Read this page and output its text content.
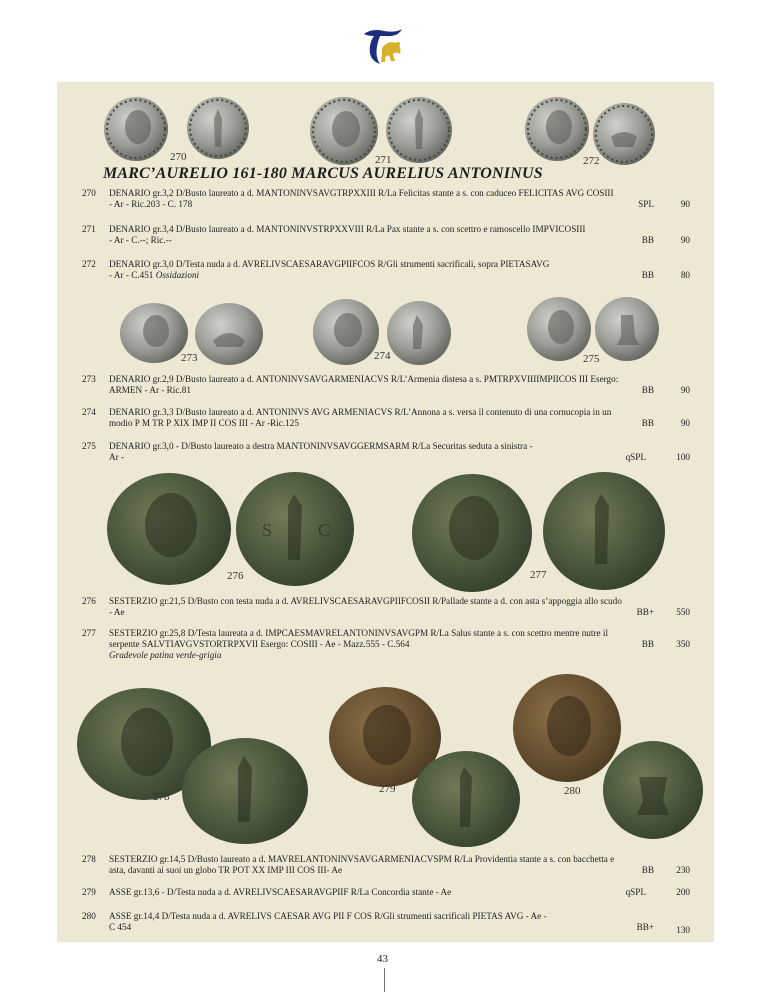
270	271	272
MARC’AURELIO 161-180 MARCUS AURELIUS ANTONINUS
270 DENARIO gr.3,2 D/Busto laureato a d. MANTONINVSAVGTRPXXIII R/La Felicitas stante a s. con caduceo FELICITAS AVG COSIII
- Ar - Ric.203 - C. 178	SPL	90
271 DENARIO gr.3,4 D/Busto laureato a d. MANTONINVSTRPXXVIII R/La Pax stante a s. con scettro e ramoscello IMPVICOSIII
- Ar - C.--; Ric.--	BB	90
272 DENARIO gr.3,0 D/Testa nuda a d. AVRELIVSCAESARAVGPIIFCOS R/Gli strumenti sacrificali, sopra PIETASAVG
- Ar - C.451 Ossidazioni	BB	80
273	274	275
273 DENARIO gr.2,9 D/Busto laureato a d. ANTONINVSAVGARMENIACVS R/L’Armenia distesa a s. PMTRPXVIIIIMPIICOS III Esergo:
ARMEN - Ar - Ric.81	BB	90
274 DENARIO gr.3,3 D/Busto laureato a d. ANTONINVS AVG ARMENIACVS R/L’Annona a s. versa il contenuto di una cornucopia in un
modio P M TR P XIX IMP II COS III - Ar -Ric.125	BB	90
275 DENARIO gr.3,0 - D/Busto laureato a destra MANTONINVSAVGGERMSARM R/La Securitas seduta a sinistra -
Ar -	qSPL	100
S	C
276	277
276 SESTERZIO gr.21,5 D/Busto con testa nuda a d. AVRELIVSCAESARAVGPIIFCOSII R/Pallade stante a d. con asta s’appoggia allo scudo
- Ae	BB+	550
277 SESTERZIO gr.25,8 D/Testa laureata a d. IMPCAESMAVRELANTONINVSAVGPM R/La Salus stante a s. con scettro mentre nutre il
serpente SALVTIAVGVSTORTRPXVII Esergo: COSIII - Ae - Mazz.555 - C.564
Gradevole patina verde-grigia
BB	350
278
279	280
278 SESTERZIO gr.14,5 D/Busto laureato a d. MAVRELANTONINVSAVGARMENIACVSPM R/La Providentia stante a s. con bacchetta e
asta, davanti ai suoi un globo TR POT XX IMP III COS III- Ae	BB	230
279 ASSE gr.13,6 - D/Testa nuda a d. AVRELIVSCAESARAVGPIIF R/La Concordia stante - Ae	qSPL	200
280 ASSE gr.14,4 D/Testa nuda a d. AVRELIVS CAESAR AVG PII F COS R/Gli strumenti sacrificali PIETAS AVG - Ae -
C 454	BB+	130
43
